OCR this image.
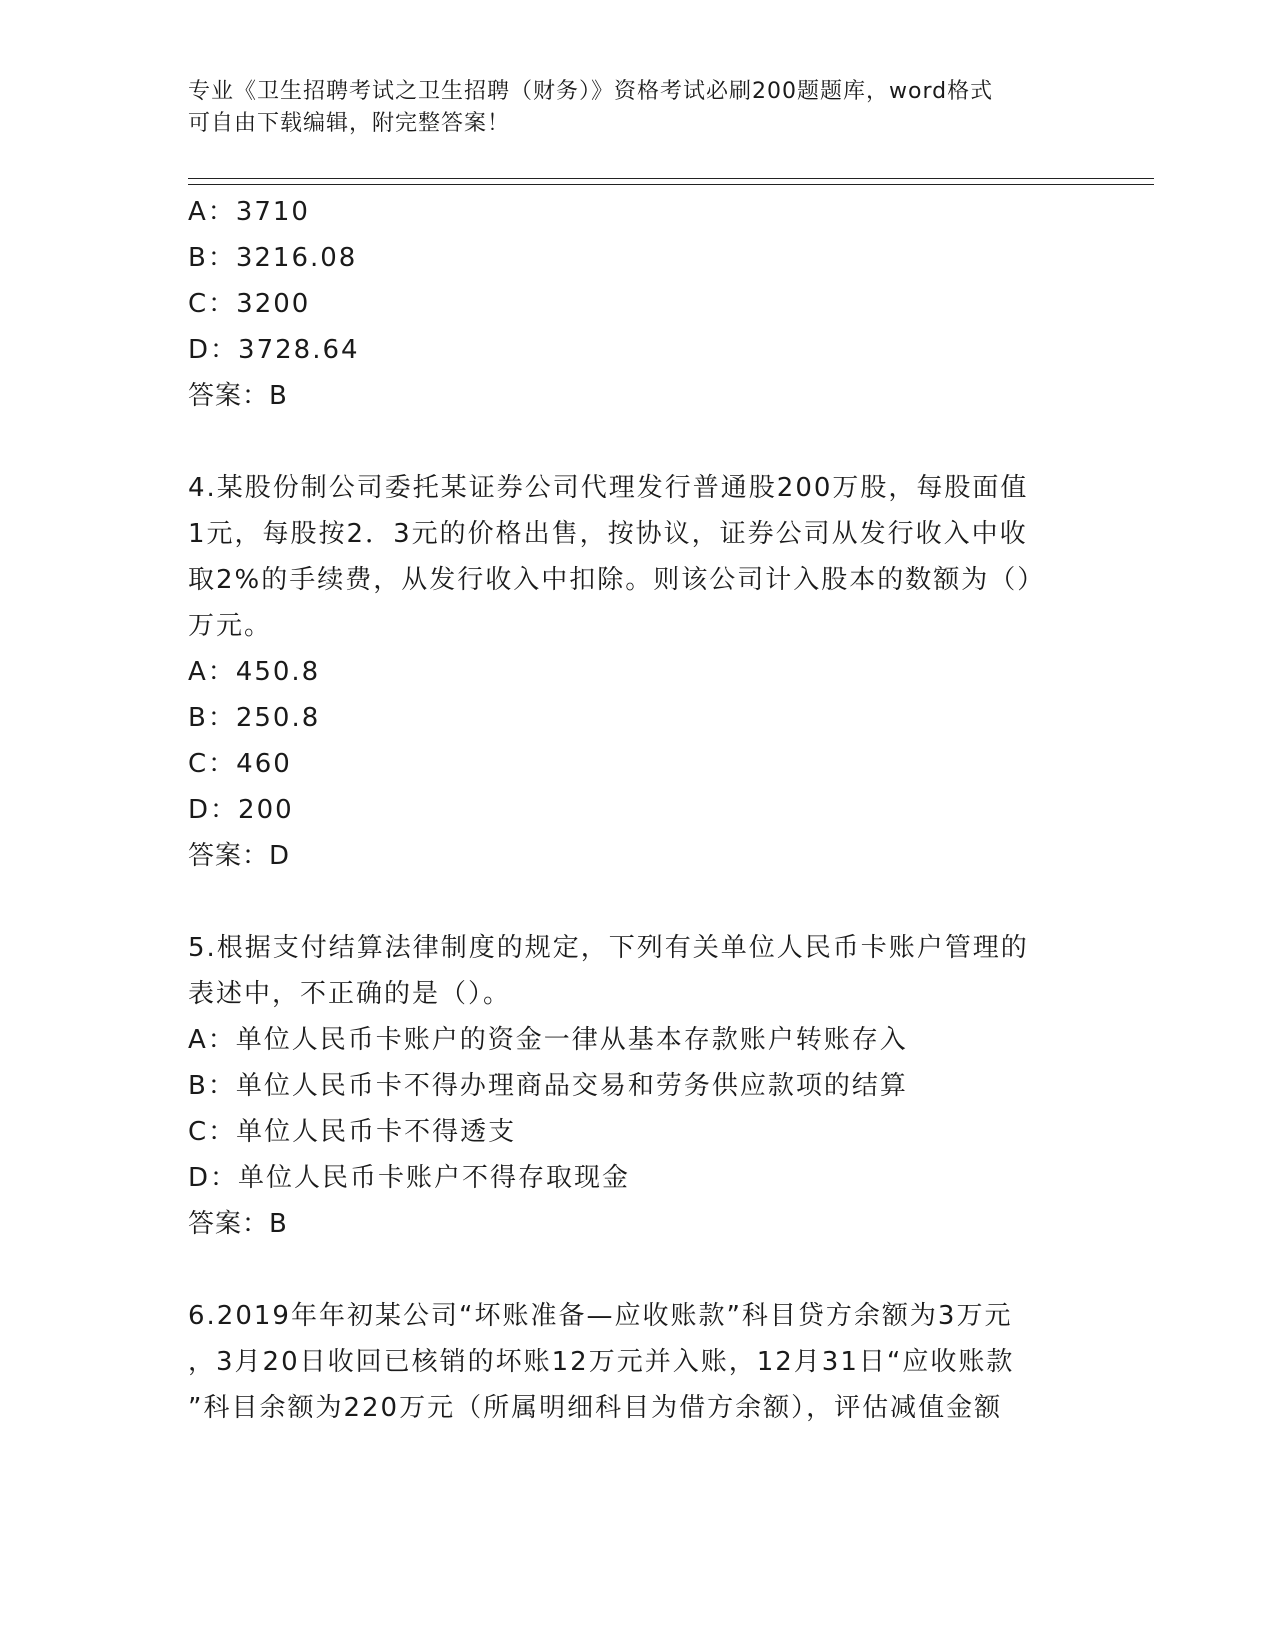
专业《卫生招聘考试之卫生招聘（财务）》资格考试必刷200题题库，word格式
可自由下载编辑，附完整答案！

A：3710

B：3216.08

C：3200

D：3728.64

答案：B

4.某股份制公司委托某证券公司代理发行普通股200万股，每股面值

1元，每股按2．3元的价格出售，按协议，证券公司从发行收入中收

取2%的手续费，从发行收入中扣除。则该公司计入股本的数额为（）

万元。

A：450.8

B：250.8

C：460

D：200

答案：D

5.根据支付结算法律制度的规定，下列有关单位人民币卡账户管理的

表述中，不正确的是（）。

A：单位人民币卡账户的资金一律从基本存款账户转账存入

B：单位人民币卡不得办理商品交易和劳务供应款项的结算

C：单位人民币卡不得透支

D：单位人民币卡账户不得存取现金

答案：B

6.2019年年初某公司“坏账准备—应收账款”科目贷方余额为3万元

，3月20日收回已核销的坏账12万元并入账，12月31日“应收账款

”科目余额为220万元（所属明细科目为借方余额），评估减值金额
